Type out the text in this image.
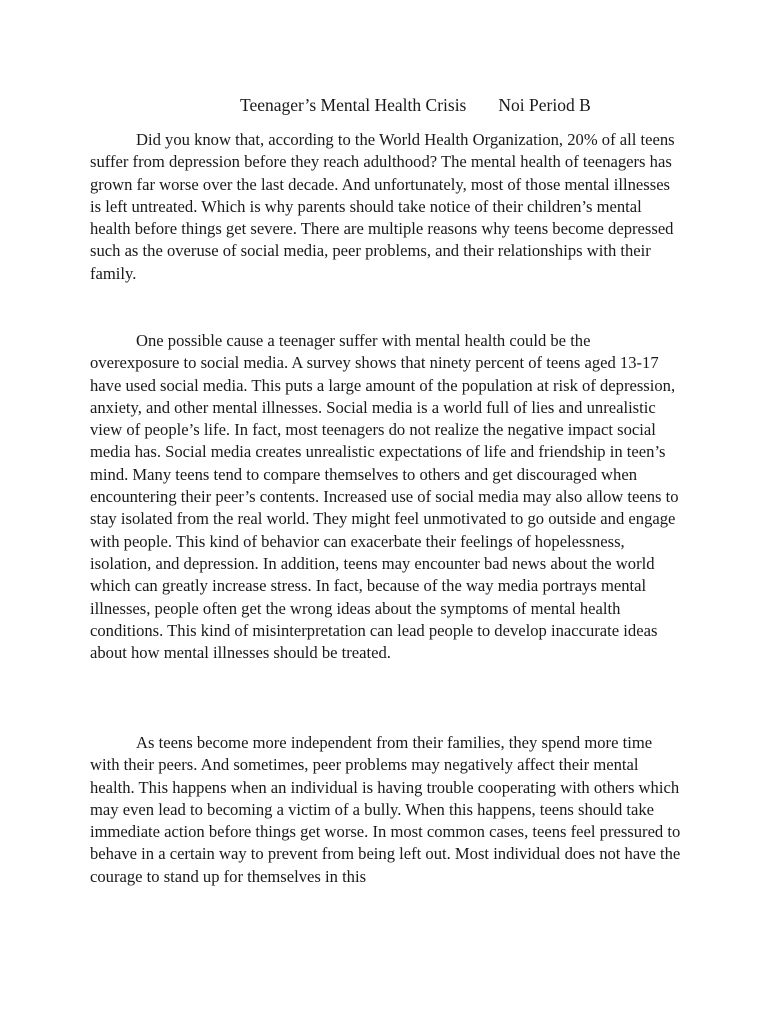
Teenager’s Mental Health Crisis Noi Period B

Did you know that, according to the World Health Organization, 20% of all teens suffer from depression before they reach adulthood? The mental health of teenagers has grown far worse over the last decade. And unfortunately, most of those mental illnesses is left untreated. Which is why parents should take notice of their children’s mental health before things get severe. There are multiple reasons why teens become depressed such as the overuse of social media, peer problems, and their relationships with their family.

One possible cause a teenager suffer with mental health could be the overexposure to social media. A survey shows that ninety percent of teens aged 13-17 have used social media. This puts a large amount of the population at risk of depression, anxiety, and other mental illnesses. Social media is a world full of lies and unrealistic view of people’s life. In fact, most teenagers do not realize the negative impact social media has. Social media creates unrealistic expectations of life and friendship in teen’s mind. Many teens tend to compare themselves to others and get discouraged when encountering their peer’s contents. Increased use of social media may also allow teens to stay isolated from the real world. They might feel unmotivated to go outside and engage with people. This kind of behavior can exacerbate their feelings of hopelessness, isolation, and depression. In addition, teens may encounter bad news about the world which can greatly increase stress. In fact, because of the way media portrays mental illnesses, people often get the wrong ideas about the symptoms of mental health conditions. This kind of misinterpretation can lead people to develop inaccurate ideas about how mental illnesses should be treated.

As teens become more independent from their families, they spend more time with their peers. And sometimes, peer problems may negatively affect their mental health. This happens when an individual is having trouble cooperating with others which may even lead to becoming a victim of a bully. When this happens, teens should take immediate action before things get worse. In most common cases, teens feel pressured to behave in a certain way to prevent from being left out. Most individual does not have the courage to stand up for themselves in this
